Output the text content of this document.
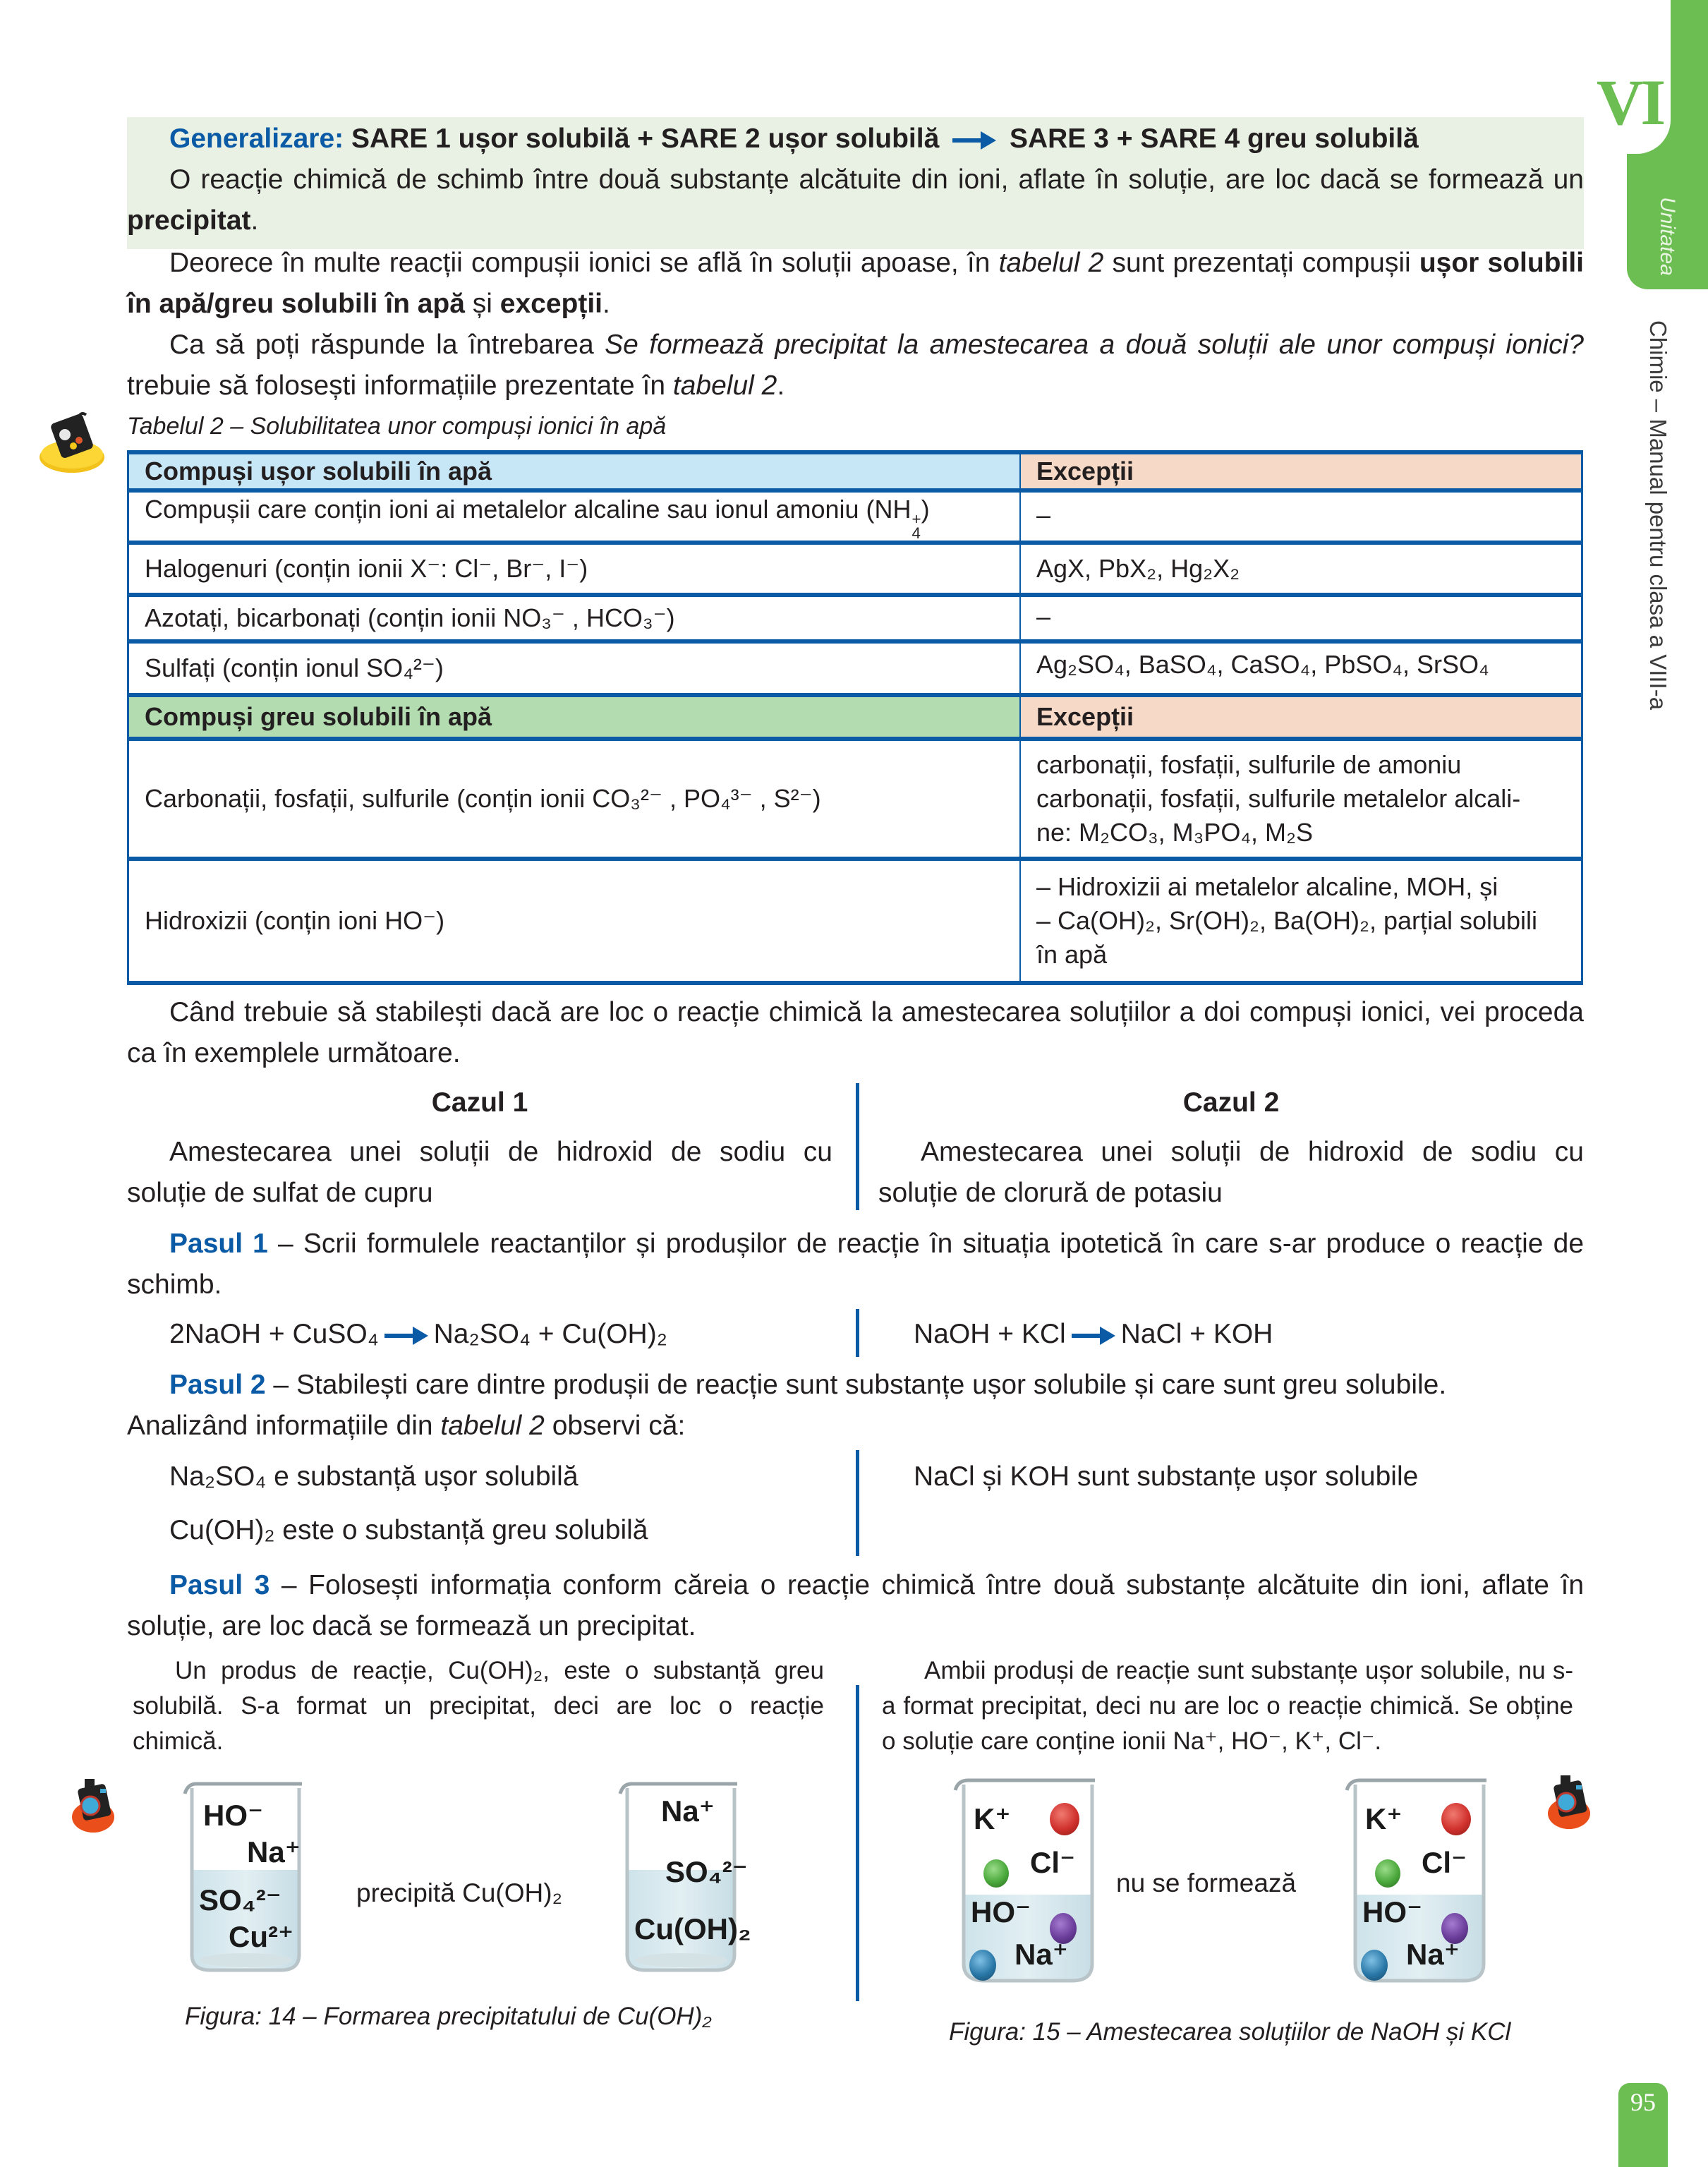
VI
Unitatea
Chimie – Manual pentru clasa a VIII-a
95
Generalizare: SARE 1 ușor solubilă + SARE 2 ușor solubilă	SARE 3 + SARE 4 greu solubilă
O reacție chimică de schimb între două substanțe alcătuite din ioni, aflate în soluție, are loc dacă se formează un precipitat.
Deorece în multe reacții compușii ionici se află în soluții apoase, în tabelul 2 sunt prezentați compușii ușor solubili în apă/greu solubili în apă și excepții.
Ca să poți răspunde la întrebarea Se formează precipitat la amestecarea a două soluții ale unor compuși ionici? trebuie să folosești informațiile prezentate în tabelul 2.
Tabelul 2 – Solubilitatea unor compuși ionici în apă
Compuși ușor solubili în apă	Excepții
Compușii care conțin ioni ai metalelor alcaline sau ionul amoniu (NH +
4
)	–
Halogenuri (conțin ionii X⁻: Cl⁻, Br⁻, I⁻)	AgX, PbX₂, Hg₂X₂
Azotați, bicarbonați (conțin ionii NO₃⁻ , HCO₃⁻)	–
Sulfați (conțin ionul SO₄²⁻)	Ag₂SO₄, BaSO₄, CaSO₄, PbSO₄, SrSO₄
Compuși greu solubili în apă	Excepții
Carbonații, fosfații, sulfurile (conțin ionii CO₃²⁻ , PO₄³⁻ , S²⁻)	carbonații, fosfații, sulfurile de amoniu
carbonații, fosfații, sulfurile metalelor alcali-
ne: M₂CO₃, M₃PO₄, M₂S

Hidroxizii (conțin ioni HO⁻)	– Hidroxizii ai metalelor alcaline, MOH, și
– Ca(OH)₂, Sr(OH)₂, Ba(OH)₂, parțial solubili
în apă
Când trebuie să stabilești dacă are loc o reacție chimică la amestecarea soluțiilor a doi compuși ionici, vei proceda ca în exemplele următoare.
Cazul 1	Cazul 2
Amestecarea unei soluții de hidroxid de sodiu cu soluție de sulfat de cupru
Amestecarea unei soluții de hidroxid de sodiu cu soluție de clorură de potasiu
Pasul 1 – Scrii formulele reactanților și produșilor de reacție în situația ipotetică în care s-ar produce o reacție de schimb.
2NaOH + CuSO₄ Na₂SO₄ + Cu(OH)₂	NaOH + KCl NaCl + KOH
Pasul 2 – Stabilești care dintre produșii de reacție sunt substanțe ușor solubile și care sunt greu solubile.
Analizând informațiile din tabelul 2 observi că:
Na₂SO₄ e substanță ușor solubilă
Cu(OH)₂ este o substanță greu solubilă
NaCl și KOH sunt substanțe ușor solubile
Pasul 3 – Folosești informația conform căreia o reacție chimică între două substanțe alcătuite din ioni, aflate în soluție, are loc dacă se formează un precipitat.
Un produs de reacție, Cu(OH)₂, este o substanță greu solubilă. S-a format un precipitat, deci are loc o reacție chimică.
Ambii produși de reacție sunt substanțe ușor solubile, nu s-a format precipitat, deci nu are loc o reacție chimică. Se obține o soluție care conține ionii Na⁺, HO⁻, K⁺, Cl⁻.
HO⁻
Na⁺
SO₄²⁻
Cu²⁺
precipită Cu(OH)₂
Na⁺
SO₄²⁻
Cu(OH)₂
Figura: 14 – Formarea precipitatului de Cu(OH)₂
K⁺
Cl⁻
HO⁻
Na⁺
nu se formează
K⁺
Cl⁻
HO⁻
Na⁺
Figura: 15 – Amestecarea soluțiilor de NaOH și KCl
